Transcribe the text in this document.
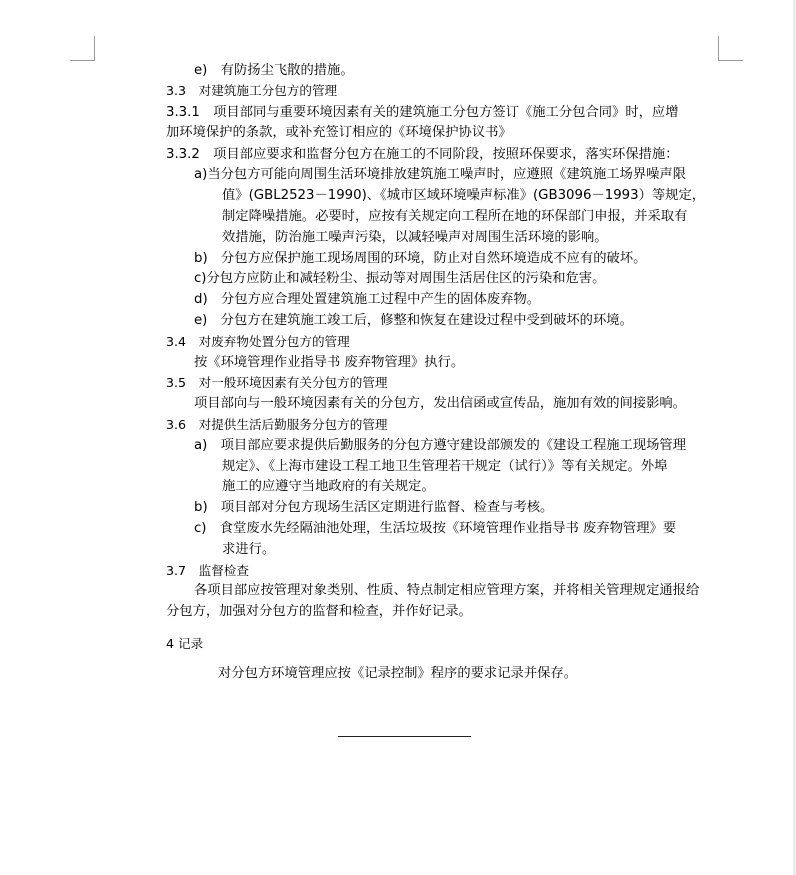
e)　有防扬尘飞散的措施。
3.3　对建筑施工分包方的管理
3.3.1　项目部同与重要环境因素有关的建筑施工分包方签订《施工分包合同》时，应增
加环境保护的条款，或补充签订相应的《环境保护协议书》
3.3.2　项目部应要求和监督分包方在施工的不同阶段，按照环保要求，落实环保措施：
a)当分包方可能向周围生活环境排放建筑施工噪声时，应遵照《建筑施工场界噪声限
值》(GBL2523－1990)、《城市区域环境噪声标准》(GB3096－1993）等规定，
制定降噪措施。必要时，应按有关规定向工程所在地的环保部门申报，并采取有
效措施，防治施工噪声污染，以减轻噪声对周围生活环境的影响。
b)　分包方应保护施工现场周围的环境，防止对自然环境造成不应有的破坏。
c)分包方应防止和减轻粉尘、振动等对周围生活居住区的污染和危害。
d)　分包方应合理处置建筑施工过程中产生的固体废弃物。
e)　分包方在建筑施工竣工后，修整和恢复在建设过程中受到破坏的环境。
3.4　对废弃物处置分包方的管理
按《环境管理作业指导书 废弃物管理》执行。
3.5　对一般环境因素有关分包方的管理
项目部向与一般环境因素有关的分包方，发出信函或宣传品，施加有效的间接影响。
3.6　对提供生活后勤服务分包方的管理
a)　项目部应要求提供后勤服务的分包方遵守建设部颁发的《建设工程施工现场管理
规定》、《上海市建设工程工地卫生管理若干规定（试行）》等有关规定。外埠
施工的应遵守当地政府的有关规定。
b)　项目部对分包方现场生活区定期进行监督、检查与考核。
c)　食堂废水先经隔油池处理，生活垃圾按《环境管理作业指导书 废弃物管理》要
求进行。
3.7　监督检查
各项目部应按管理对象类别、性质、特点制定相应管理方案，并将相关管理规定通报给分包方，加强对分包方的监督和检查，并作好记录。
4 记录
对分包方环境管理应按《记录控制》程序的要求记录并保存。
